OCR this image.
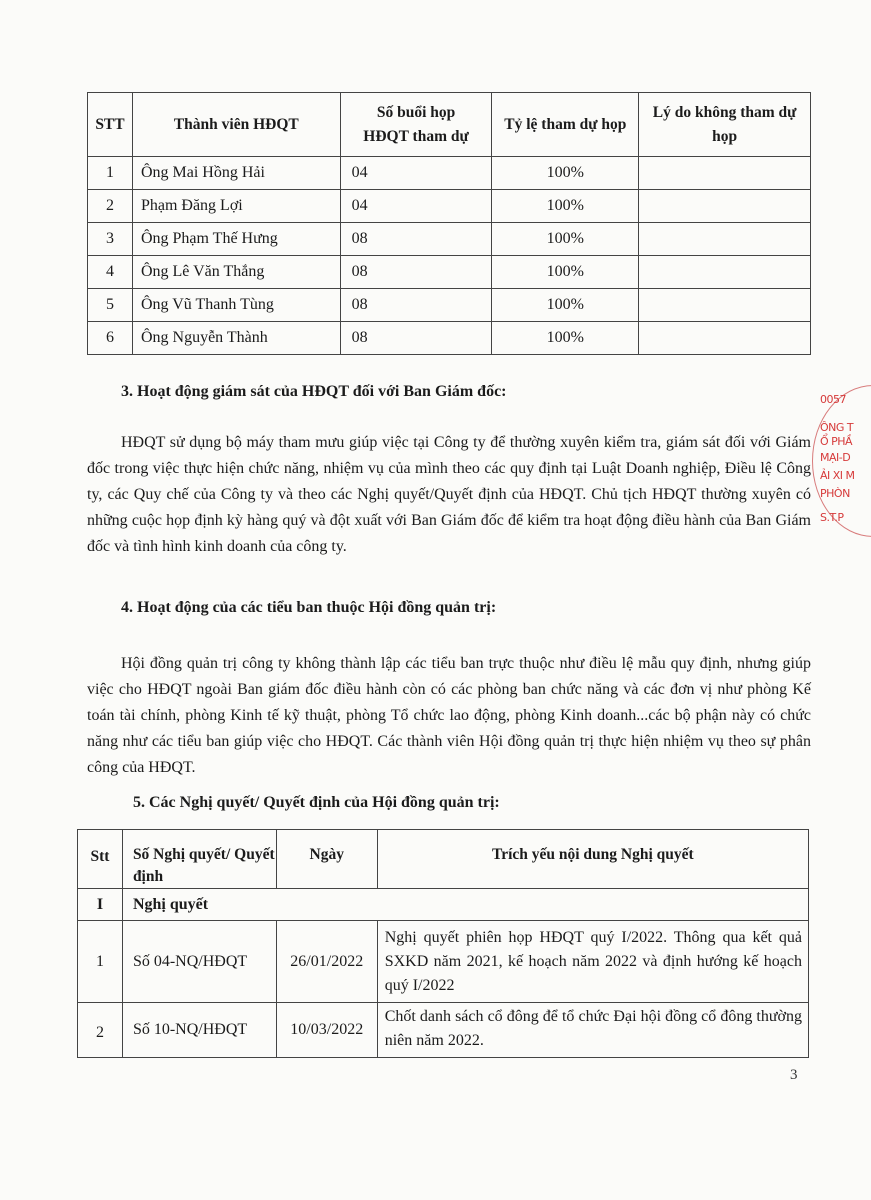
STT	Thành viên HĐQT	Số buổi họp HĐQT tham dự	Tỷ lệ tham dự họp	Lý do không tham dự họp
1	Ông Mai Hồng Hải	04	100%	
2	Phạm Đăng Lợi	04	100%	
3	Ông Phạm Thế Hưng	08	100%	
4	Ông Lê Văn Thắng	08	100%	
5	Ông Vũ Thanh Tùng	08	100%	
6	Ông Nguyễn Thành	08	100%	
3. Hoạt động giám sát của HĐQT đối với Ban Giám đốc:

HĐQT sử dụng bộ máy tham mưu giúp việc tại Công ty để thường xuyên kiểm tra, giám sát đối với Giám đốc trong việc thực hiện chức năng, nhiệm vụ của mình theo các quy định tại Luật Doanh nghiệp, Điều lệ Công ty, các Quy chế của Công ty và theo các Nghị quyết/Quyết định của HĐQT. Chủ tịch HĐQT thường xuyên có những cuộc họp định kỳ hàng quý và đột xuất với Ban Giám đốc để kiểm tra hoạt động điều hành của Ban Giám đốc và tình hình kinh doanh của công ty.

4. Hoạt động của các tiểu ban thuộc Hội đồng quản trị:

Hội đồng quản trị công ty không thành lập các tiểu ban trực thuộc như điều lệ mẫu quy định, nhưng giúp việc cho HĐQT ngoài Ban giám đốc điều hành còn có các phòng ban chức năng và các đơn vị như phòng Kế toán tài chính, phòng Kinh tế kỹ thuật, phòng Tổ chức lao động, phòng Kinh doanh...các bộ phận này có chức năng như các tiểu ban giúp việc cho HĐQT. Các thành viên Hội đồng quản trị thực hiện nhiệm vụ theo sự phân công của HĐQT.

5. Các Nghị quyết/ Quyết định của Hội đồng quản trị:
Stt	Số Nghị quyết/ Quyết định	Ngày	Trích yếu nội dung Nghị quyết
I	Nghị quyết		
1	Số 04-NQ/HĐQT	26/01/2022	Nghị quyết phiên họp HĐQT quý I/2022. Thông qua kết quả SXKD năm 2021, kế hoạch năm 2022 và định hướng kế hoạch quý I/2022
2	Số 10-NQ/HĐQT	10/03/2022	Chốt danh sách cổ đông để tổ chức Đại hội đồng cổ đông thường niên năm 2022.
3
0057
ÔNG T
Ổ PHẦ
MẠI-D
ẢI XI M
PHÒN
S.T.P
